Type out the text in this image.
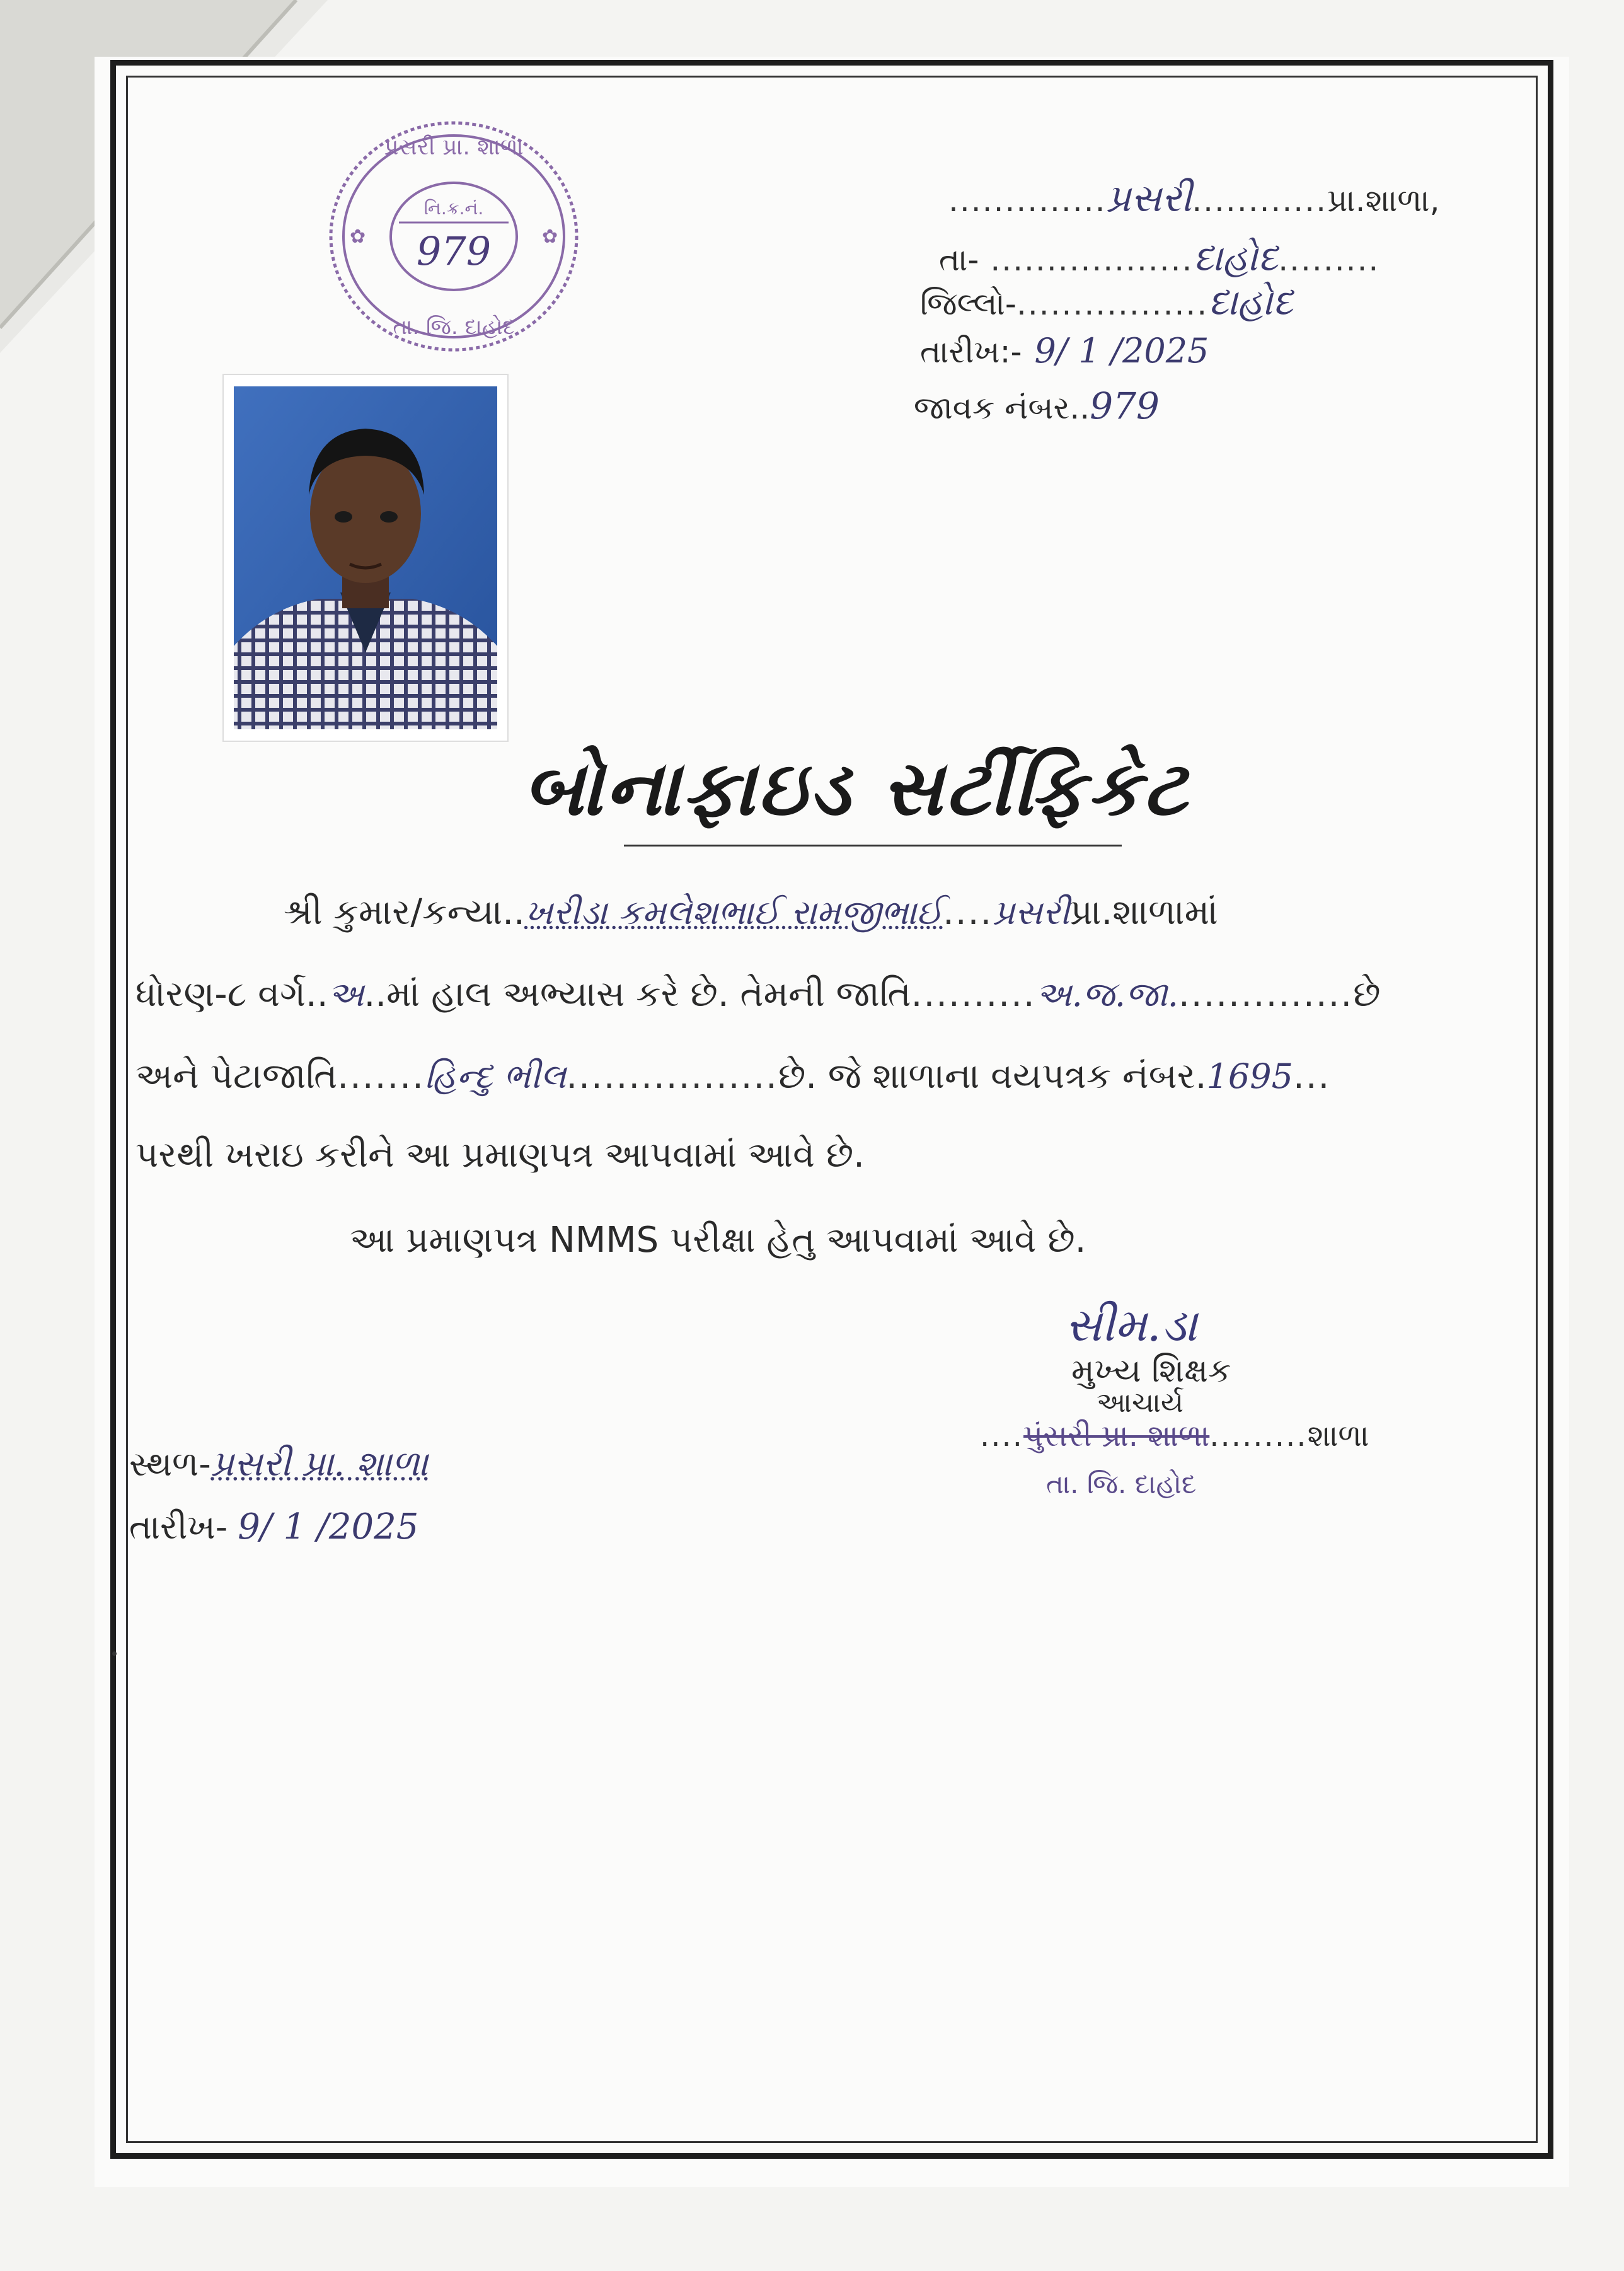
પ્રસરી પ્રા. શાળા
નિ.ક્ર.નં.
979
તા. જિ. દાહોદ
✿	✿
..............પ્રસરી............પ્રા.શાળા,
તા- ..................દાહોદ.........
જિલ્લો-.................દાહોદ
તારીખ:- 9/ 1 /2025
જાવક નંબર..979
બોનાફાઇડ સર્ટીફિકેટ
શ્રી કુમાર/કન્યા..ખરીડા કમલેશભાઈ રામજીભાઈ....પ્રસરીપ્રા.શાળામાં
ધોરણ-૮ વર્ગ..અ..માં હાલ અભ્યાસ કરે છે. તેમની જાતિ..........અ.જ.જા...............છે
અને પેટાજાતિ.......હિન્દુ ભીલ.................છે. જે શાળાના વયપત્રક નંબર.1695...
પરથી ખરાઇ કરીને આ પ્રમાણપત્ર આપવામાં આવે છે.
આ પ્રમાણપત્ર NMMS પરીક્ષા હેતુ આપવામાં આવે છે.
સીમ.ડા
મુખ્ય શિક્ષક
આચાર્ય
....પુંસરી પ્રા. શાળા.........શાળા
તા. જિ. દાહોદ
સ્થળ-પ્રસરી પ્રા. શાળા
તારીખ- 9/ 1 /2025
